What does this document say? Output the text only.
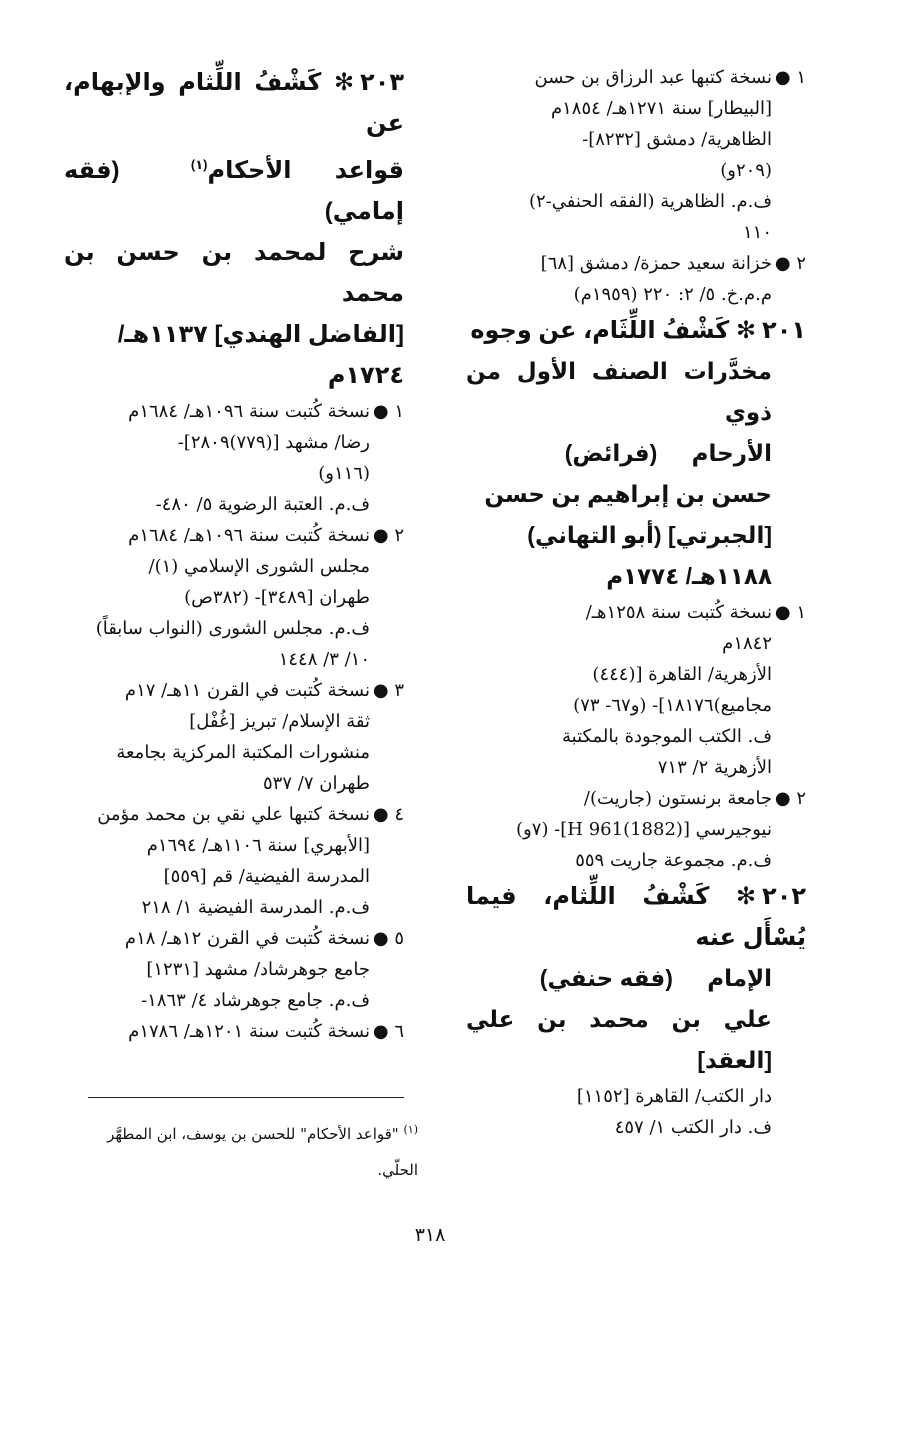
١ ●
نسخة كتبها عبد الرزاق بن حسن
[البيطار] سنة ١٢٧١هـ/ ١٨٥٤م
الظاهرية/ دمشق [٨٢٣٢]-
(٢٠٩و)
ف.م. الظاهرية (الفقه الحنفي-٢)
١١٠
٢ ●
خزانة سعيد حمزة/ دمشق [٦٨]
م.م.خ. ٥/ ٢: ٢٢٠ (١٩٥٩م)

٢٠١✻ كَشْفُ اللِّثَام، عن وجوه

مخدَّرات الصنف الأول من ذوي

الأرحام (فرائض)

حسن بن إبراهيم بن حسن

[الجبرتي] (أبو التهاني)

١١٨٨هـ/ ١٧٧٤م

١ ●
نسخة كُتبت سنة ١٢٥٨هـ/
١٨٤٢م
الأزهرية/ القاهرة [(٤٤٤)
مجاميع)١٨١٧٦]- (و٦٧- ٧٣)
ف. الكتب الموجودة بالمكتبة
الأزهرية ٢/ ٧١٣
٢ ●
جامعة برنستون (جاريت)/
نيوجيرسي [H 961(1882)]- (٧و)
ف.م. مجموعة جاريت ٥٥٩

٢٠٢✻ كَشْفُ اللِّثام، فيما يُسْأَل عنه

الإمام (فقه حنفي)

علي بن محمد بن علي [العقد]

دار الكتب/ القاهرة [١١٥٢]
ف. دار الكتب ١/ ٤٥٧

٢٠٣✻ كَشْفُ اللِّثام والإبهام، عن

قواعد الأحكام$^{(١)}$ (فقه إمامي)

شرح لمحمد بن حسن بن محمد

[الفاضل الهندي] ١١٣٧هـ/

١٧٢٤م

١ ●
نسخة كُتبت سنة ١٠٩٦هـ/ ١٦٨٤م
رضا/ مشهد [(٧٧٩)٢٨٠٩]-
(١١٦و)
ف.م. العتبة الرضوية ٥/ ٤٨٠-
٢ ●
نسخة كُتبت سنة ١٠٩٦هـ/ ١٦٨٤م
مجلس الشورى الإسلامي (١)/
طهران [٣٤٨٩]- (٣٨٢ص)
ف.م. مجلس الشورى (النواب سابقاً)
١٠/ ٣/ ١٤٤٨
٣ ●
نسخة كُتبت في القرن ١١هـ/ ١٧م
ثقة الإسلام/ تبريز [غُفْل]
منشورات المكتبة المركزية بجامعة
طهران ٧/ ٥٣٧
٤ ●
نسخة كتبها علي نقي بن محمد مؤمن
[الأبهري] سنة ١١٠٦هـ/ ١٦٩٤م
المدرسة الفيضية/ قم [٥٥٩]
ف.م. المدرسة الفيضية ١/ ٢١٨
٥ ●
نسخة كُتبت في القرن ١٢هـ/ ١٨م
جامع جوهرشاد/ مشهد [١٢٣١]
ف.م. جامع جوهرشاد ٤/ ١٨٦٣-
٦ ●
نسخة كُتبت سنة ١٢٠١هـ/ ١٧٨٦م
$^{(١)}$ "قواعد الأحكام" للحسن بن يوسف، ابن المطهَّر
الحلّي.
٣١٨
